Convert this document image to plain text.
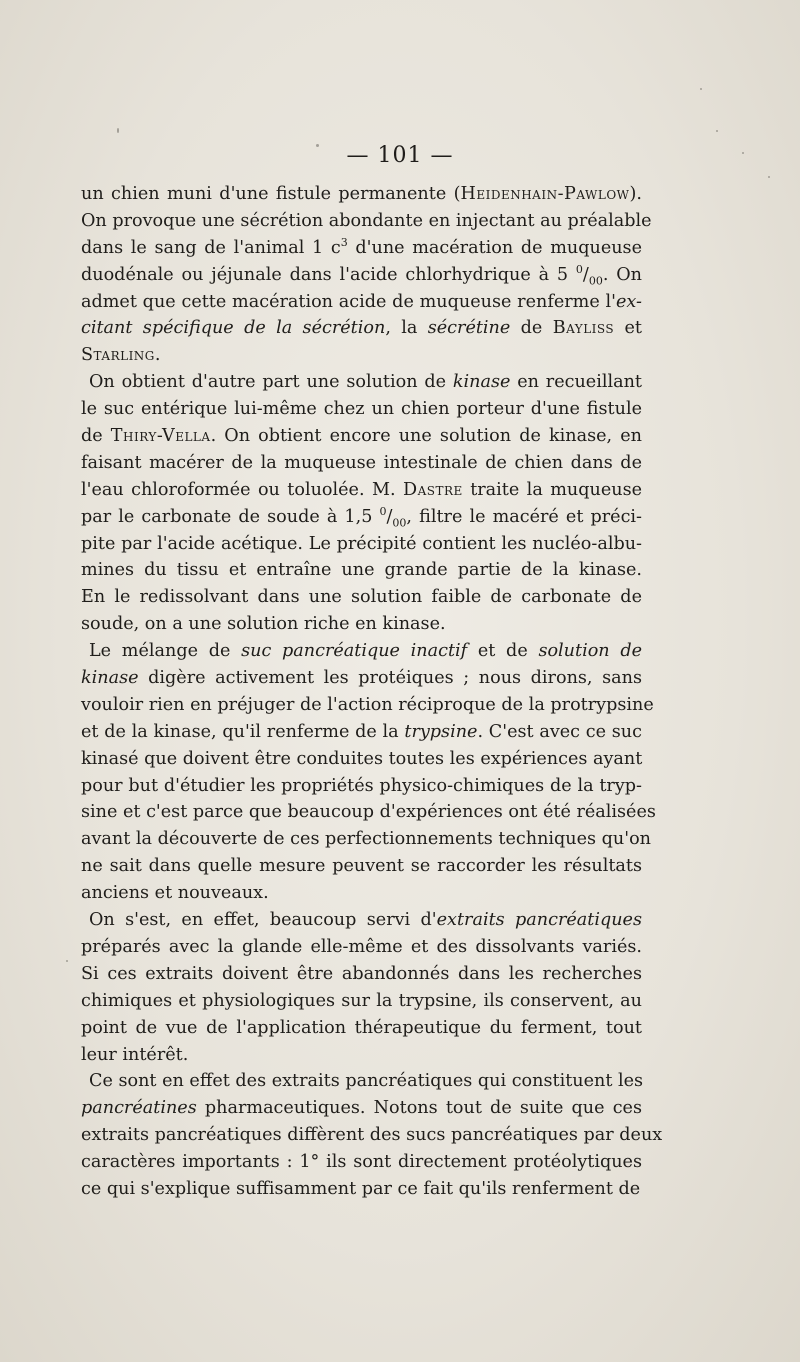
— 101 —
un chien muni d'une fistule permanente (Heidenhain-Pawlow).
On provoque une sécrétion abondante en injectant au préalable
dans le sang de l'animal 1 $c^3$ d'une macération de muqueuse
duodénale ou jéjunale dans l'acide chlorhydrique à 5 $^0/_{00}$. On
admet que cette macération acide de muqueuse renferme l'ex-
citant spécifique de la sécrétion, la sécrétine de Bayliss et
Starling.
On obtient d'autre part une solution de kinase en recueillant
le suc entérique lui-même chez un chien porteur d'une fistule
de Thiry-Vella. On obtient encore une solution de kinase, en
faisant macérer de la muqueuse intestinale de chien dans de
l'eau chloroformée ou toluolée. M. Dastre traite la muqueuse
par le carbonate de soude à 1,5 $^0/_{00}$, filtre le macéré et préci-
pite par l'acide acétique. Le précipité contient les nucléo-albu-
mines du tissu et entraîne une grande partie de la kinase.
En le redissolvant dans une solution faible de carbonate de
soude, on a une solution riche en kinase.
Le mélange de suc pancréatique inactif et de solution de
kinase digère activement les protéiques ; nous dirons, sans
vouloir rien en préjuger de l'action réciproque de la protrypsine
et de la kinase, qu'il renferme de la trypsine. C'est avec ce suc
kinasé que doivent être conduites toutes les expériences ayant
pour but d'étudier les propriétés physico-chimiques de la tryp-
sine et c'est parce que beaucoup d'expériences ont été réalisées
avant la découverte de ces perfectionnements techniques qu'on
ne sait dans quelle mesure peuvent se raccorder les résultats
anciens et nouveaux.
On s'est, en effet, beaucoup servi d'extraits pancréatiques
préparés avec la glande elle-même et des dissolvants variés.
Si ces extraits doivent être abandonnés dans les recherches
chimiques et physiologiques sur la trypsine, ils conservent, au
point de vue de l'application thérapeutique du ferment, tout
leur intérêt.
Ce sont en effet des extraits pancréatiques qui constituent les
pancréatines pharmaceutiques. Notons tout de suite que ces
extraits pancréatiques diffèrent des sucs pancréatiques par deux
caractères importants : 1° ils sont directement protéolytiques
ce qui s'explique suffisamment par ce fait qu'ils renferment de
